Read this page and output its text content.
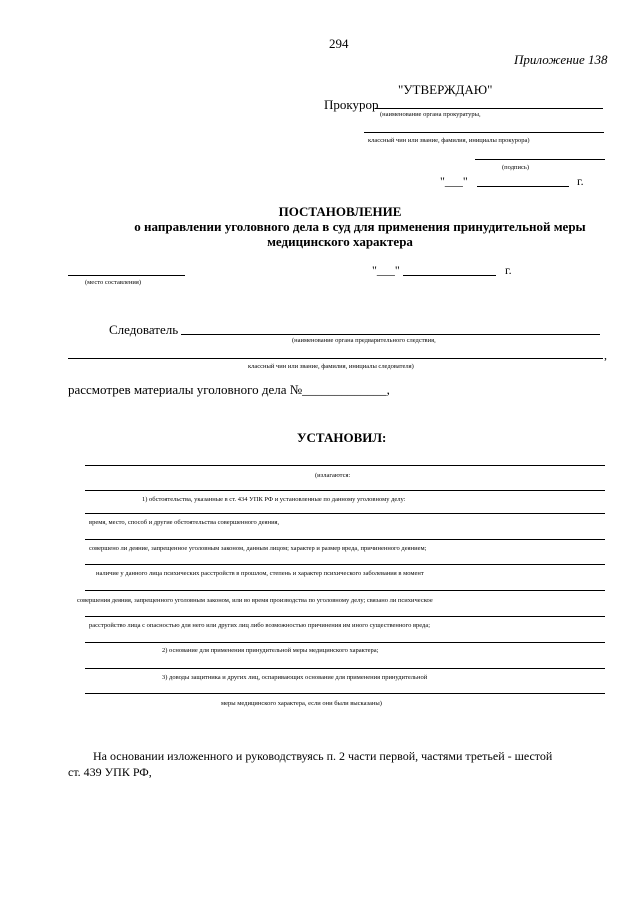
294
Приложение 138
"УТВЕРЖДАЮ"
Прокурор
(наименование органа прокуратуры,
классный чин или звание, фамилия, инициалы прокурора)
(подпись)
"___"	г.
ПОСТАНОВЛЕНИЕ
о направлении уголовного дела в суд для применения принудительной меры
медицинского характера
(место составления)
"___"	г.
Следователь
(наименование органа предварительного следствия,
,
классный чин или звание, фамилия, инициалы следователя)
рассмотрев материалы уголовного дела №_____________,
УСТАНОВИЛ:
(излагаются:
1) обстоятельства, указанные в ст. 434 УПК РФ и установленные по данному уголовному делу:
время, место, способ и другие обстоятельства совершенного деяния,
совершено ли деяние, запрещенное уголовным законом, данным лицом; характер и размер вреда, причиненного деянием;
наличие у данного лица психических расстройств в прошлом, степень и характер психического заболевания в момент
совершения деяния, запрещенного уголовным законом, или во время производства по уголовному делу; связано ли психическое
расстройство лица с опасностью для него или других лиц либо возможностью причинения им иного существенного вреда;
2) основание для применения принудительной меры медицинского характера;
3) доводы защитника и других лиц, оспаривающих основание для применения принудительной
меры медицинского характера, если они были высказаны)
На основании изложенного и руководствуясь п. 2 части первой, частями третьей - шестой
ст. 439 УПК РФ,
